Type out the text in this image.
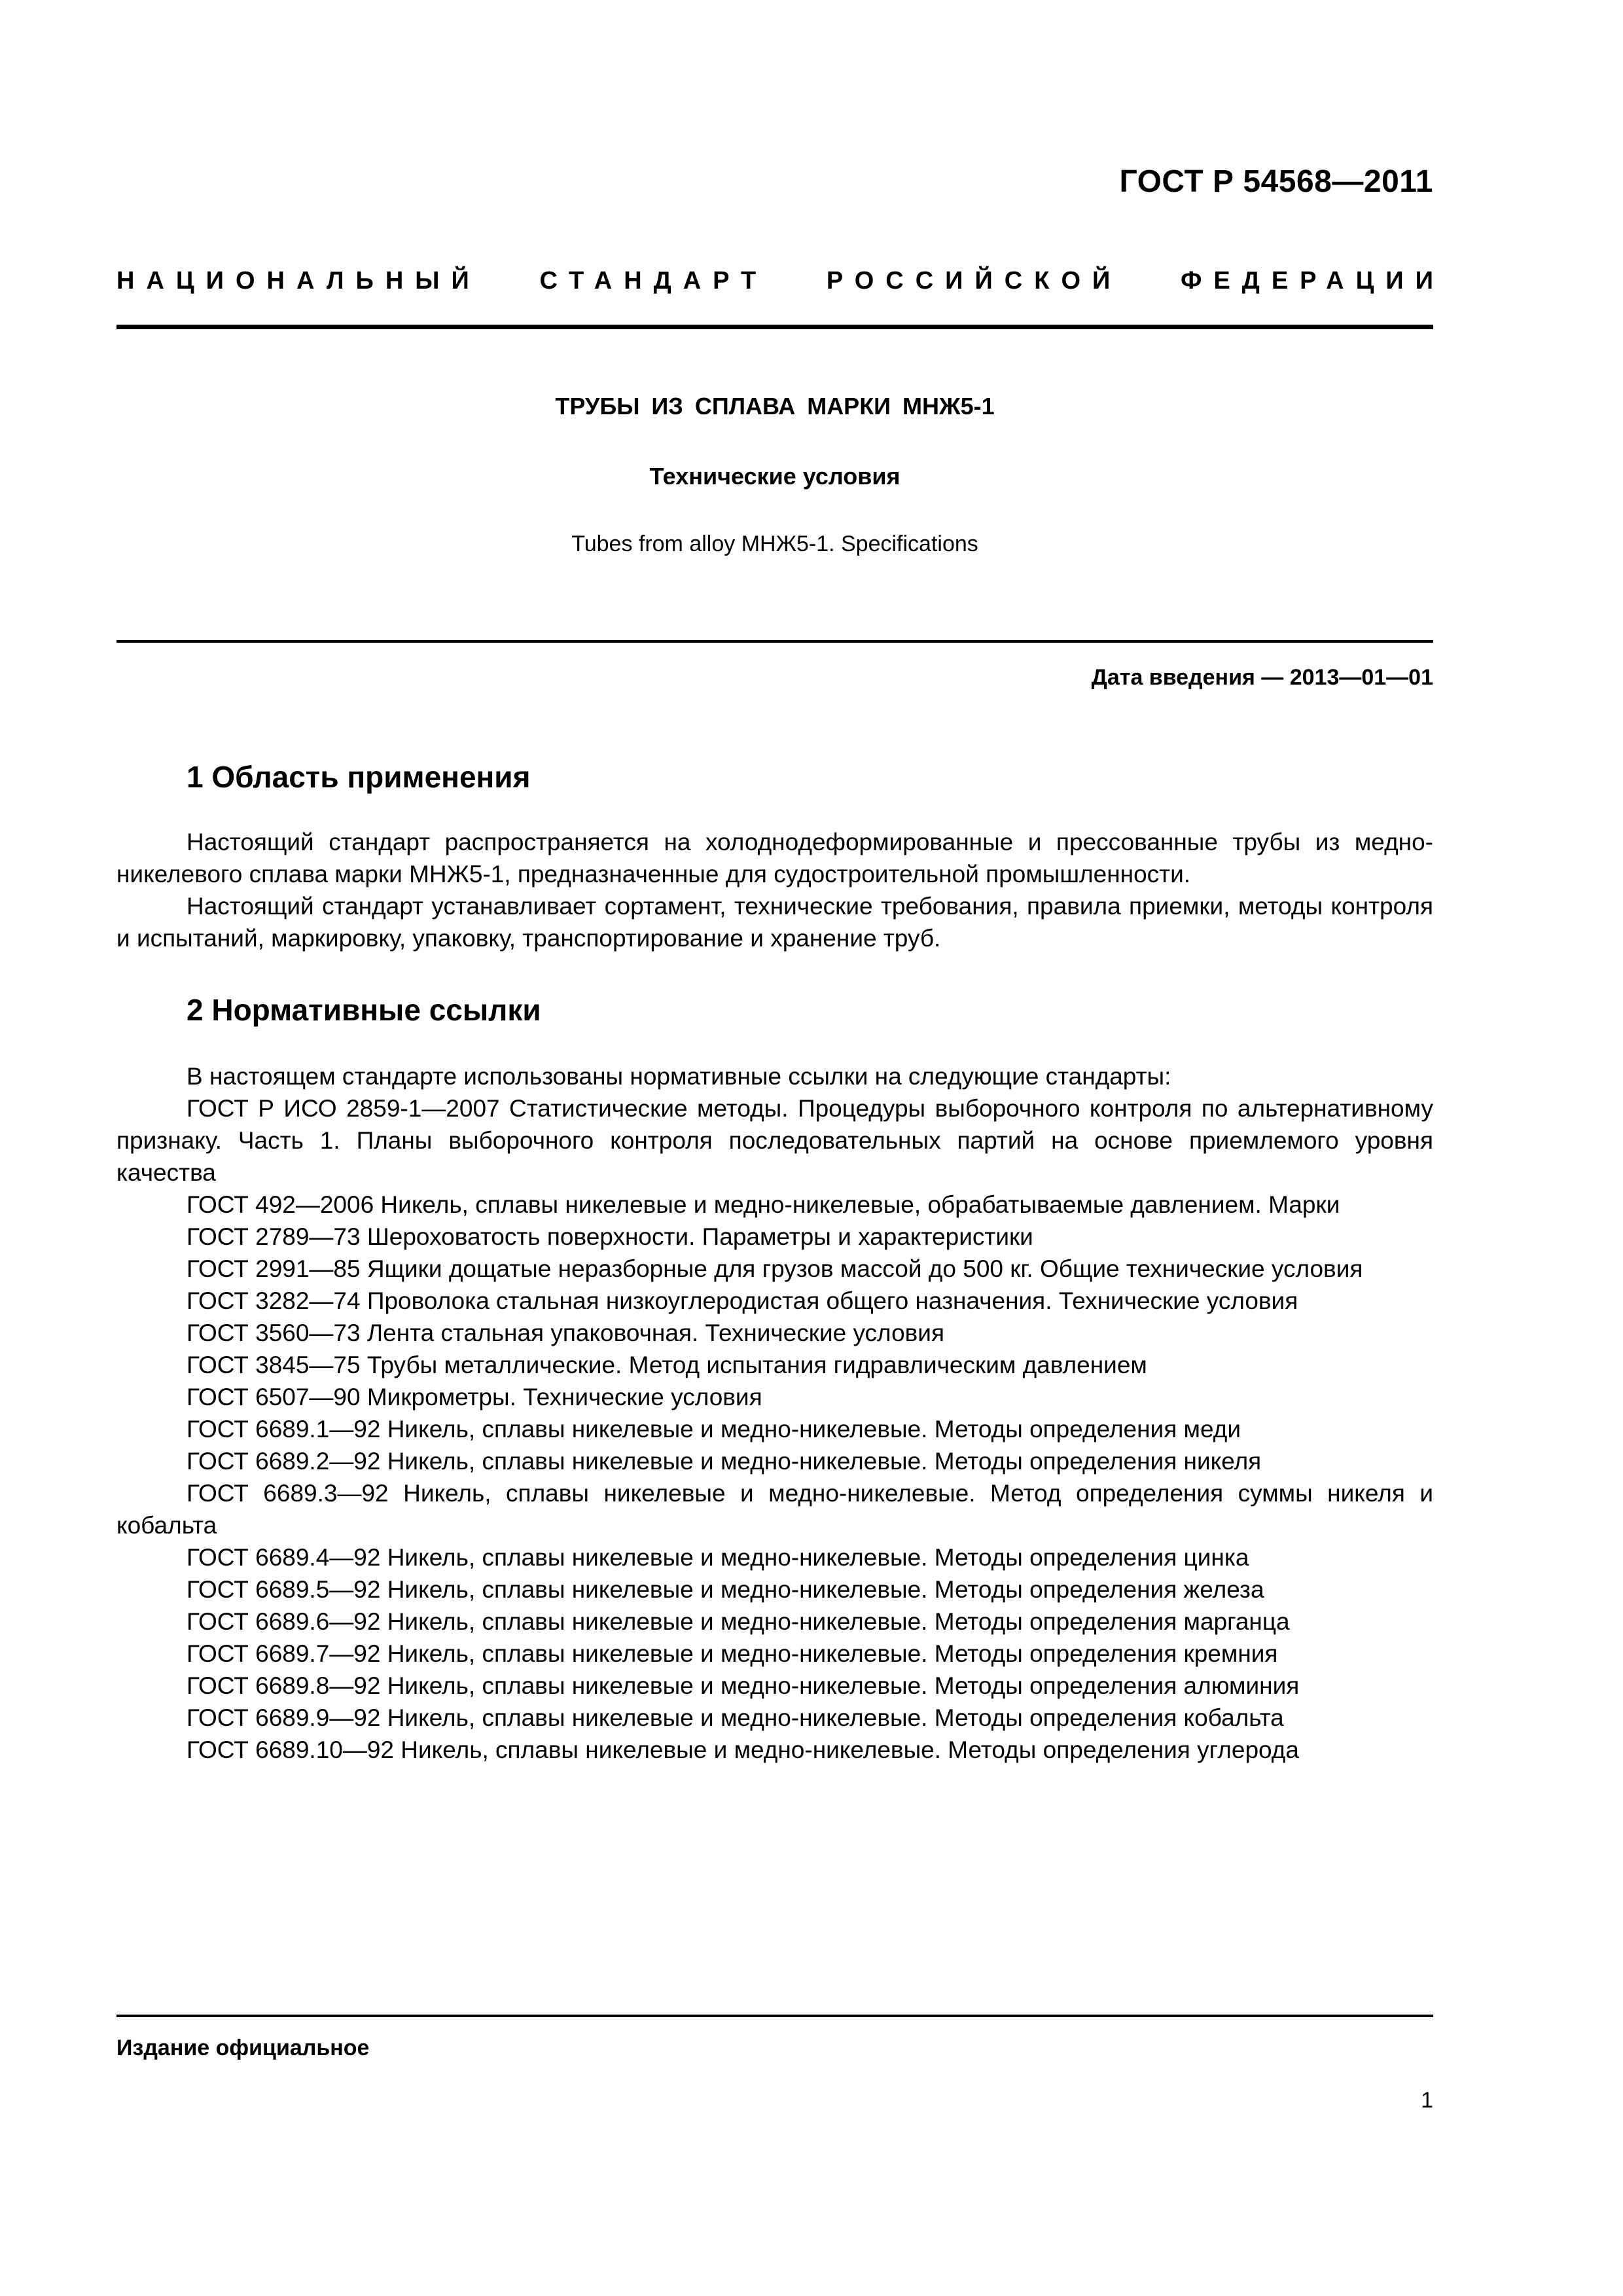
ГОСТ Р 54568—2011
НАЦИОНАЛЬНЫЙ СТАНДАРТ РОССИЙСКОЙ ФЕДЕРАЦИИ
ТРУБЫ ИЗ СПЛАВА МАРКИ МНЖ5-1
Технические условия
Tubes from alloy МНЖ5-1. Specifications
Дата введения — 2013—01—01
1 Область применения

Настоящий стандарт распространяется на холоднодеформированные и прессованные трубы из медно-никелевого сплава марки МНЖ5-1, предназначенные для судостроительной промышленности.

Настоящий стандарт устанавливает сортамент, технические требования, правила приемки, методы контроля и испытаний, маркировку, упаковку, транспортирование и хранение труб.

2 Нормативные ссылки

В настоящем стандарте использованы нормативные ссылки на следующие стандарты:

ГОСТ Р ИСО 2859-1—2007 Статистические методы. Процедуры выборочного контроля по альтернативному признаку. Часть 1. Планы выборочного контроля последовательных партий на основе приемлемого уровня качества

ГОСТ 492—2006 Никель, сплавы никелевые и медно-никелевые, обрабатываемые давлением. Марки

ГОСТ 2789—73 Шероховатость поверхности. Параметры и характеристики

ГОСТ 2991—85 Ящики дощатые неразборные для грузов массой до 500 кг. Общие технические условия

ГОСТ 3282—74 Проволока стальная низкоуглеродистая общего назначения. Технические условия

ГОСТ 3560—73 Лента стальная упаковочная. Технические условия

ГОСТ 3845—75 Трубы металлические. Метод испытания гидравлическим давлением

ГОСТ 6507—90 Микрометры. Технические условия

ГОСТ 6689.1—92 Никель, сплавы никелевые и медно-никелевые. Методы определения меди

ГОСТ 6689.2—92 Никель, сплавы никелевые и медно-никелевые. Методы определения никеля

ГОСТ 6689.3—92 Никель, сплавы никелевые и медно-никелевые. Метод определения суммы никеля и кобальта

ГОСТ 6689.4—92 Никель, сплавы никелевые и медно-никелевые. Методы определения цинка

ГОСТ 6689.5—92 Никель, сплавы никелевые и медно-никелевые. Методы определения железа

ГОСТ 6689.6—92 Никель, сплавы никелевые и медно-никелевые. Методы определения марганца

ГОСТ 6689.7—92 Никель, сплавы никелевые и медно-никелевые. Методы определения кремния

ГОСТ 6689.8—92 Никель, сплавы никелевые и медно-никелевые. Методы определения алюминия

ГОСТ 6689.9—92 Никель, сплавы никелевые и медно-никелевые. Методы определения кобальта

ГОСТ 6689.10—92 Никель, сплавы никелевые и медно-никелевые. Методы определения углерода

Издание официальное
1
